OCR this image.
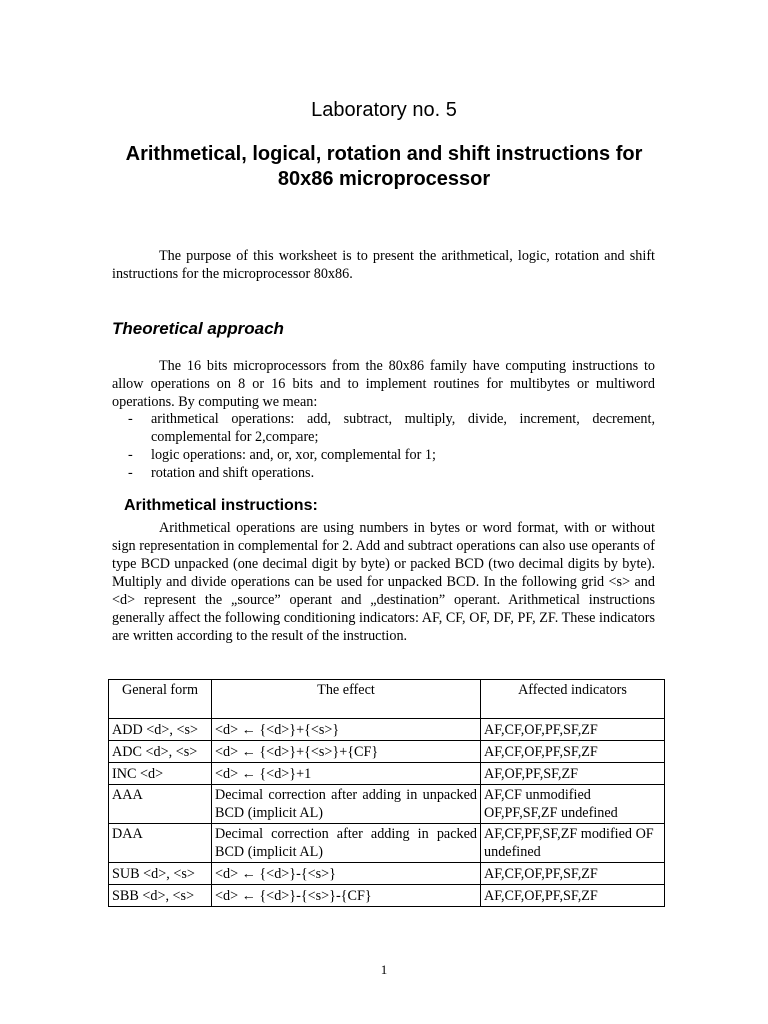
Laboratory no. 5
Arithmetical, logical, rotation and shift instructions for 80x86 microprocessor
The purpose of this worksheet is to present the arithmetical, logic, rotation and shift instructions for the microprocessor 80x86.
Theoretical approach
The 16 bits microprocessors from the 80x86 family have computing instructions to allow operations on 8 or 16 bits and to implement routines for multibytes or multiword operations. By computing we mean:
- arithmetical operations: add, subtract, multiply, divide, increment, decrement, complemental for 2,compare;
- logic operations: and, or, xor, complemental for 1;
- rotation and shift operations.
Arithmetical instructions:
Arithmetical operations are using numbers in bytes or word format, with or without sign representation in complemental for 2. Add and subtract operations can also use operants of type BCD unpacked (one decimal digit by byte) or packed BCD (two decimal digits by byte). Multiply and divide operations can be used for unpacked BCD. In the following grid <s> and <d> represent the „source” operant and „destination” operant. Arithmetical instructions generally affect the following conditioning indicators: AF, CF, OF, DF, PF, ZF. These indicators are written according to the result of the instruction.
General form	The effect	Affected indicators
ADD <d>, <s>	<d> ← {<d>}+{<s>}	AF,CF,OF,PF,SF,ZF
ADC <d>, <s>	<d> ← {<d>}+{<s>}+{CF}	AF,CF,OF,PF,SF,ZF
INC <d>	<d> ← {<d>}+1	AF,OF,PF,SF,ZF
AAA	Decimal correction after adding in unpacked BCD (implicit AL)	AF,CF unmodified OF,PF,SF,ZF undefined
DAA	Decimal correction after adding in packed BCD (implicit AL)	AF,CF,PF,SF,ZF modified OF undefined
SUB <d>, <s>	<d> ← {<d>}-{<s>}	AF,CF,OF,PF,SF,ZF
SBB <d>, <s>	<d> ← {<d>}-{<s>}-{CF}	AF,CF,OF,PF,SF,ZF
1
